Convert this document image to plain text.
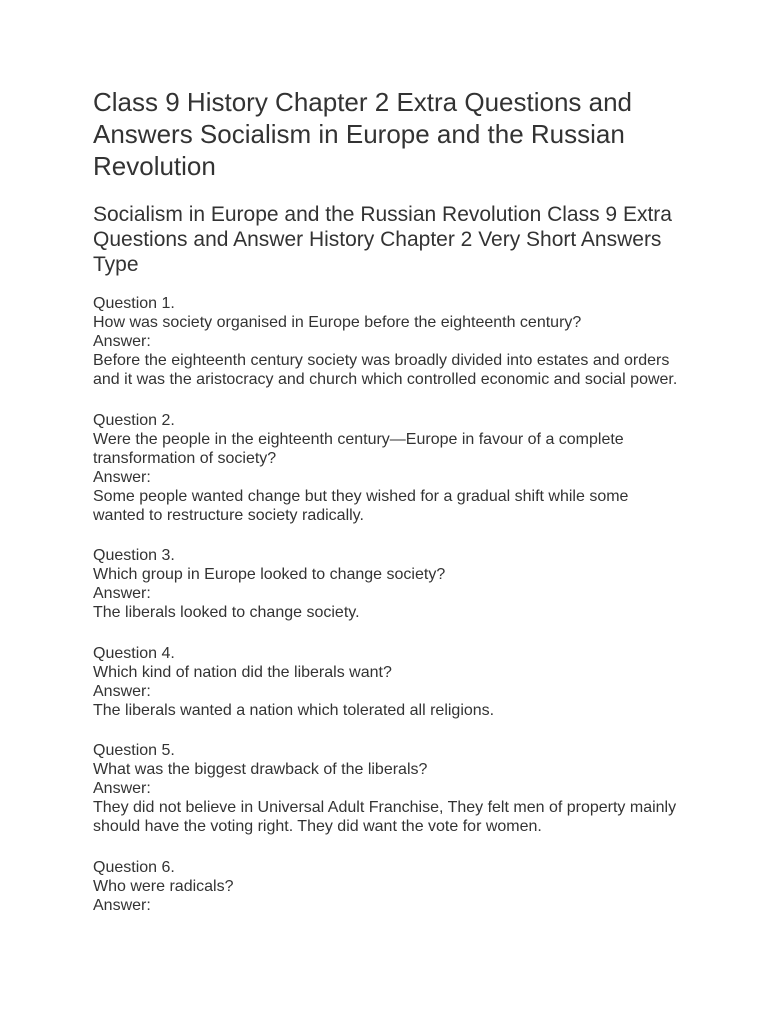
Class 9 History Chapter 2 Extra Questions and Answers Socialism in Europe and the Russian Revolution
Socialism in Europe and the Russian Revolution Class 9 Extra Questions and Answer History Chapter 2 Very Short Answers Type

Question 1.

How was society organised in Europe before the eighteenth century?

Answer:

Before the eighteenth century society was broadly divided into estates and orders and it was the aristocracy and church which controlled economic and social power.

Question 2.

Were the people in the eighteenth century—Europe in favour of a complete transformation of society?

Answer:

Some people wanted change but they wished for a gradual shift while some wanted to restructure society radically.

Question 3.

Which group in Europe looked to change society?

Answer:

The liberals looked to change society.

Question 4.

Which kind of nation did the liberals want?

Answer:

The liberals wanted a nation which tolerated all religions.

Question 5.

What was the biggest drawback of the liberals?

Answer:

They did not believe in Universal Adult Franchise, They felt men of property mainly should have the voting right. They did want the vote for women.

Question 6.

Who were radicals?

Answer:
